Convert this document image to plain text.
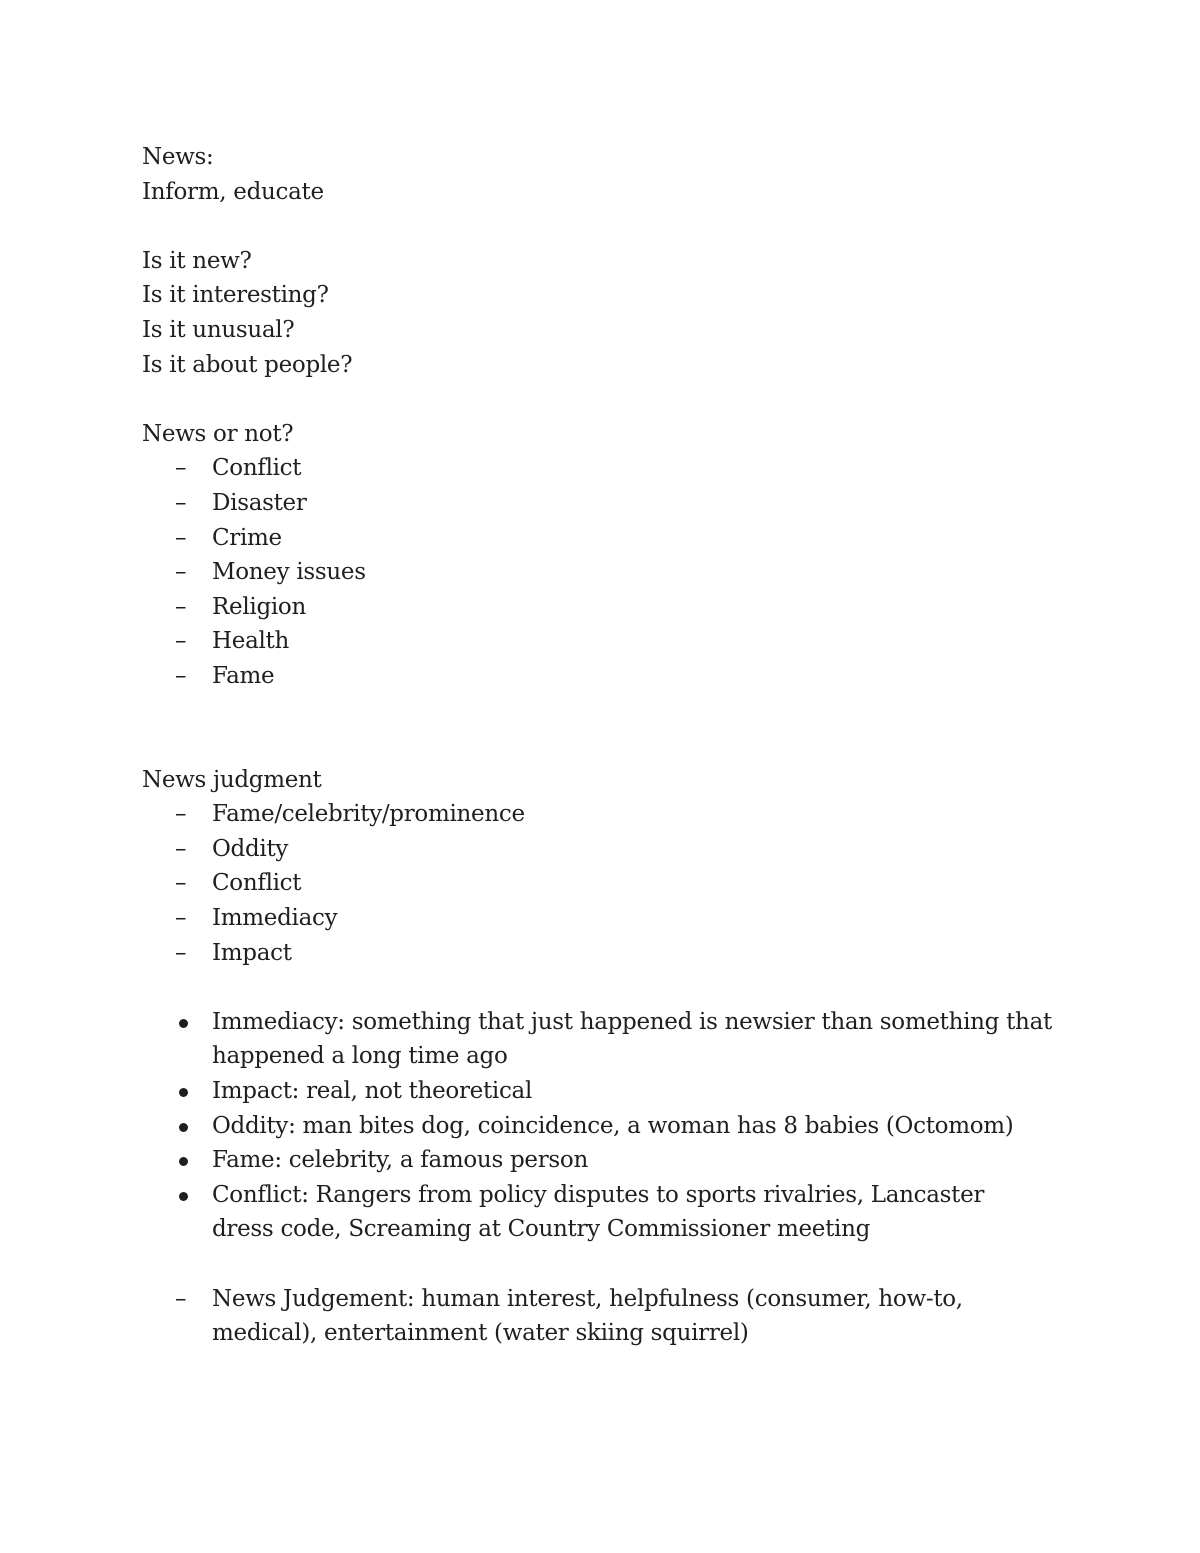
News:

Inform, educate

Is it new?

Is it interesting?

Is it unusual?

Is it about people?

News or not?

– Conflict
– Disaster
– Crime
– Money issues
– Religion
– Health
– Fame

News judgment

– Fame/celebrity/prominence
– Oddity
– Conflict
– Immediacy
– Impact
Immediacy: something that just happened is newsier than something that happened a long time ago
Impact: real, not theoretical
Oddity: man bites dog, coincidence, a woman has 8 babies (Octomom)
Fame: celebrity, a famous person
Conflict: Rangers from policy disputes to sports rivalries, Lancaster dress code, Screaming at Country Commissioner meeting
– News Judgement: human interest, helpfulness (consumer, how-to, medical), entertainment (water skiing squirrel)
